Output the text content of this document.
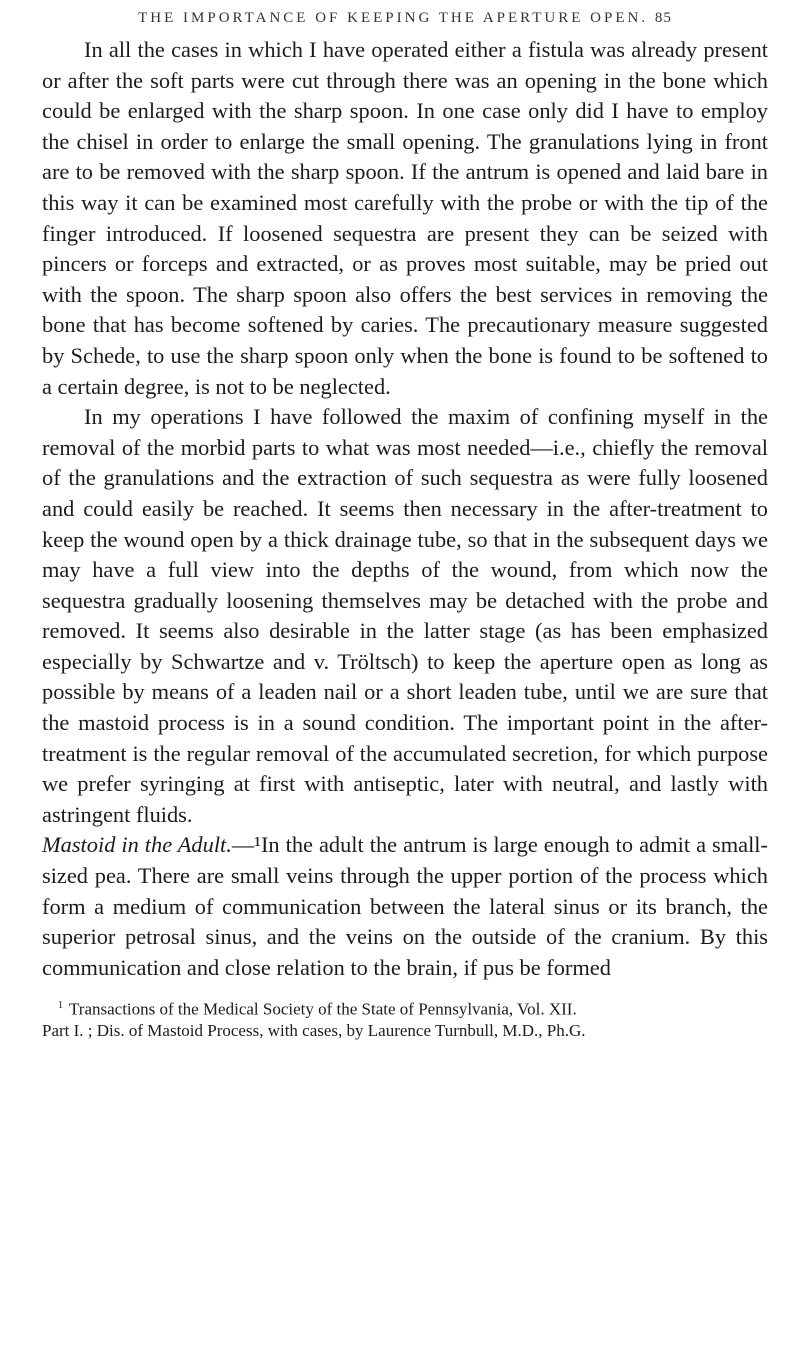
THE IMPORTANCE OF KEEPING THE APERTURE OPEN. 85

In all the cases in which I have operated either a fistula was already present or after the soft parts were cut through there was an opening in the bone which could be enlarged with the sharp spoon. In one case only did I have to employ the chisel in order to enlarge the small opening. The granulations lying in front are to be removed with the sharp spoon. If the antrum is opened and laid bare in this way it can be examined most carefully with the probe or with the tip of the finger introduced. If loosened sequestra are present they can be seized with pincers or forceps and extracted, or as proves most suitable, may be pried out with the spoon. The sharp spoon also offers the best services in removing the bone that has become softened by caries. The precautionary measure suggested by Schede, to use the sharp spoon only when the bone is found to be softened to a certain degree, is not to be neglected.

In my operations I have followed the maxim of confining myself in the removal of the morbid parts to what was most needed—i.e., chiefly the removal of the granulations and the extraction of such sequestra as were fully loosened and could easily be reached. It seems then necessary in the after-treatment to keep the wound open by a thick drainage tube, so that in the subsequent days we may have a full view into the depths of the wound, from which now the sequestra gradually loosening themselves may be detached with the probe and removed. It seems also desirable in the latter stage (as has been emphasized especially by Schwartze and v. Tröltsch) to keep the aperture open as long as possible by means of a leaden nail or a short leaden tube, until we are sure that the mastoid process is in a sound condition. The important point in the after-treatment is the regular removal of the accumulated secretion, for which purpose we prefer syringing at first with antiseptic, later with neutral, and lastly with astringent fluids.

Mastoid in the Adult.—¹In the adult the antrum is large enough to admit a small-sized pea. There are small veins through the upper portion of the process which form a medium of communication between the lateral sinus or its branch, the superior petrosal sinus, and the veins on the outside of the cranium. By this communication and close relation to the brain, if pus be formed

$^1$ Transactions of the Medical Society of the State of Pennsylvania, Vol. XII.
Part I. ; Dis. of Mastoid Process, with cases, by Laurence Turnbull, M.D., Ph.G.
